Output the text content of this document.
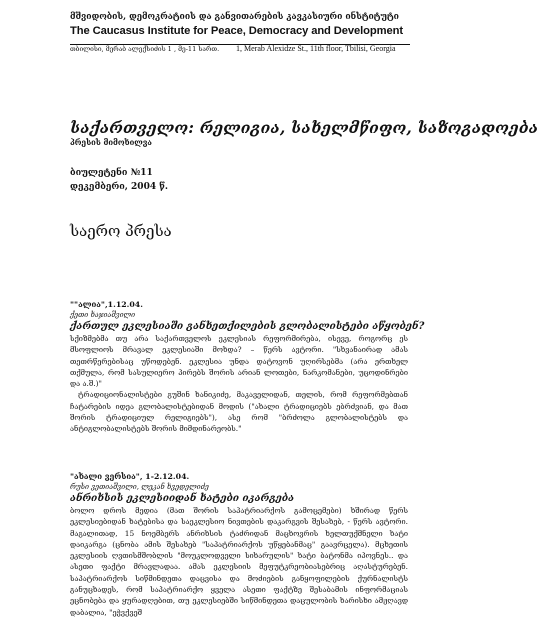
მშვიდობის, დემოკრატიის და განვითარების კავკასიური ინსტიტუტი
The Caucasus Institute for Peace, Democracy and Development
თბილისი, მერაბ ალექსიძის 1 , მე-11 სართ. 1, Merab Alexidze St., 11th floor, Tbilisi, Georgia
საქართველო: რელიგია, სახელმწიფო, საზოგადოება
პრესის მიმოხილვა
ბიულეტენი №11
დეკემბერი, 2004 წ.
საერო პრესა
""ალია",1.12.04.
ქეთი ხაჯიაშვილი
ქართულ ეკლესიაში განხეთქილების გლობალისტები აწყობენ?

სქიზმებმა თუ არა საქართველოს ეკლესიას რეფორმირება, ისევე, როგორც ეს მსოფლიოს მრავალ ეკლესიაში მოხდა? – წერს ავტორი. "სხვანაირად ამას თეთრწერებისაც უწოდებენ. ეკლესია უნდა დატოვონ უღირსებმა (არა ერთხელ თქმულა, რომ სასულიერო პირებს შორის არიან ლოთები, ნარკომანები, უცოდინრები და ა.შ.)"

ტრადიციონალისტები გუშინ ხანიკიძე, მაკაველიდან, თელის, რომ რეფორმებთან ჩატარების იდეა გლობალისტებიდან მოდის ("ახალი ტრადიციებს ებრძვიან, და მათ შორის ტრადიციულ რელიგიებს"), ასე რომ "ბრძოლა გლობალისტებს და ანტიგლობალისტებს შორის მიმდინარეობს."

"ახალი ვერსია", 1-2.12.04.
რუსი ვეთიაშვილი, ლეკან ხვედელიძე
ანრიხსის ეკლესიიდან ხატები იკარგება

ბოლო დროს მედია (მათ შორის საპატრიარქოს გამოცემები) ხშირად წერს ეკლესიებიდან ხატებისა და საეკლესიო ნივთების დაკარგვის შესახებ, - წერს ავტორი. მაგალითად, 15 ნოემბერს ანრიხსის ტაძრიდან მაცხოვრის ხელთუქმნელი ხატი დაიკარგა (ცნობა ამის შესახებ "საპატრიარქოს უწყებანმაც" გაავრცელა). მცხეთის ეკლესიის ღვთისმშობლის "მოუკლოდველი სიხარულის" ხატი ბატონმა იპოვნეს.. და ასეთი ფაქტი მრავლადაა. ამას ეკლესიის მეფუტკრეობიასებრიც აღასტურებენ. საპატრიარქოს სიწმინდეთა დაცვისა და მოძიების განყოფილების ქურნალისტს განუცხადეს, რომ საპატრიარქო ყველა ასეთი ფაქტზე შესაბამის ინფორმაციას ეცნობება და ყურადღებით, თუ ეკლესიებში სიწმინდეთა დაცულობის ხარისხი ამჟღავდ დაბალია, "ეჭვქვეშ
